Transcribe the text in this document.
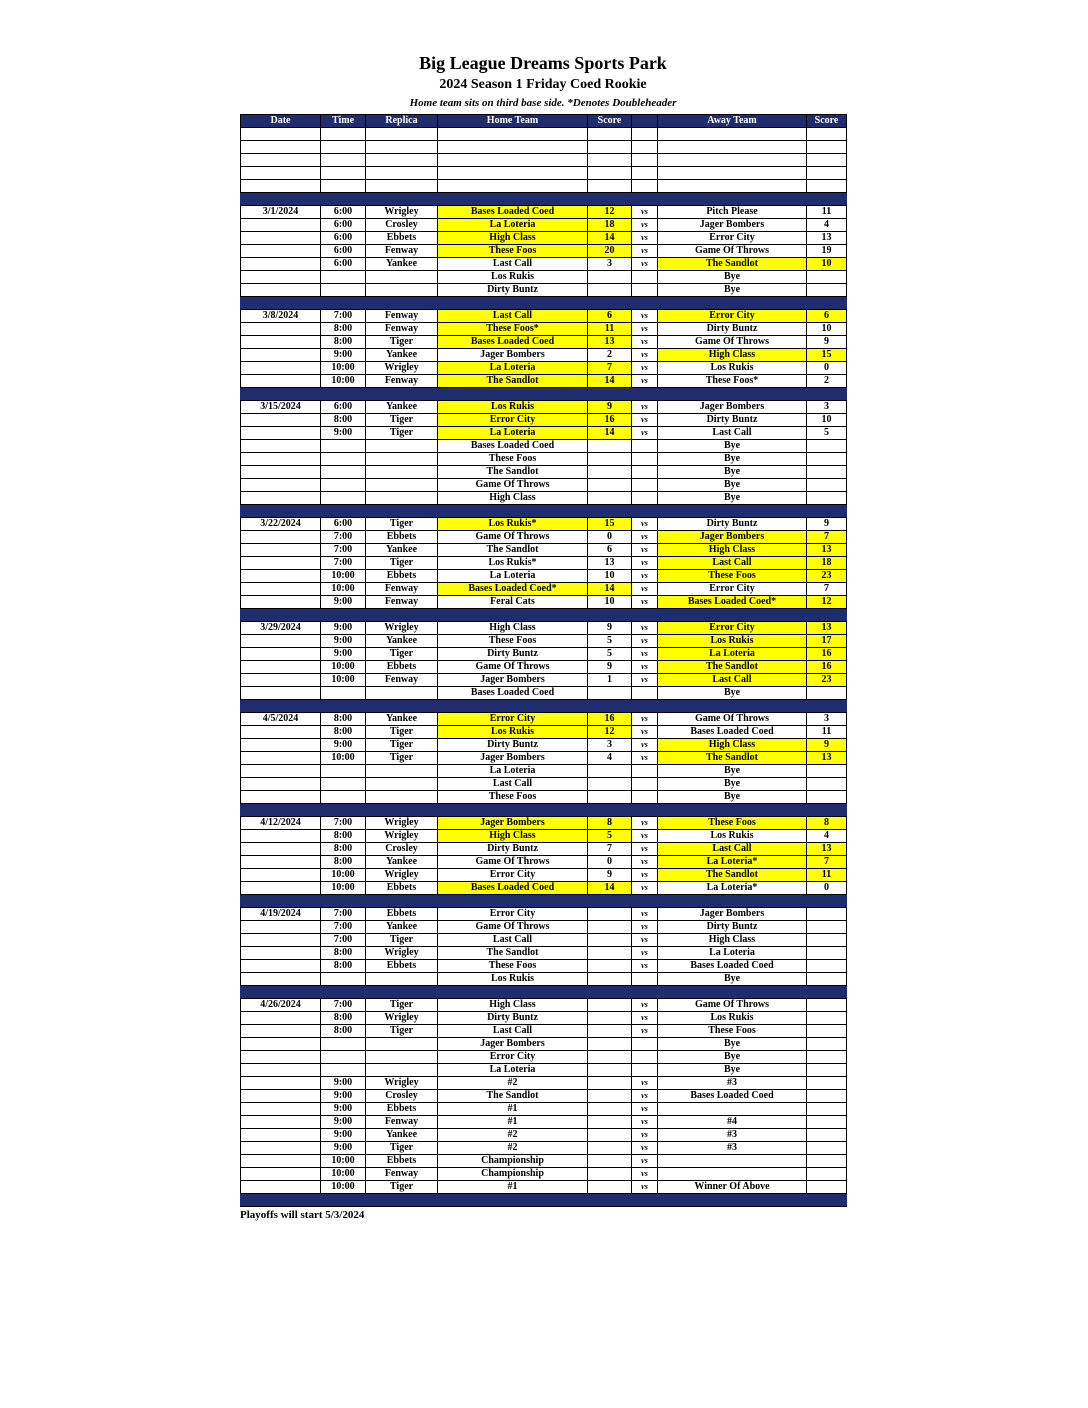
Big League Dreams Sports Park
2024 Season 1 Friday Coed Rookie
Home team sits on third base side. *Denotes Doubleheader
Date	Time	Replica	Home Team	Score		Away Team	Score

3/1/2024	6:00	Wrigley	Bases Loaded Coed	12	vs	Pitch Please	11
	6:00	Crosley	La Loteria	18	vs	Jager Bombers	4
	6:00	Ebbets	High Class	14	vs	Error City	13
	6:00	Fenway	These Foos	20	vs	Game Of Throws	19
	6:00	Yankee	Last Call	3	vs	The Sandlot	10
			Los Rukis			Bye	
			Dirty Buntz			Bye	

3/8/2024	7:00	Fenway	Last Call	6	vs	Error City	6
	8:00	Fenway	These Foos*	11	vs	Dirty Buntz	10
	8:00	Tiger	Bases Loaded Coed	13	vs	Game Of Throws	9
	9:00	Yankee	Jager Bombers	2	vs	High Class	15
	10:00	Wrigley	La Loteria	7	vs	Los Rukis	0
	10:00	Fenway	The Sandlot	14	vs	These Foos*	2

3/15/2024	6:00	Yankee	Los Rukis	9	vs	Jager Bombers	3
	8:00	Tiger	Error City	16	vs	Dirty Buntz	10
	9:00	Tiger	La Loteria	14	vs	Last Call	5
			Bases Loaded Coed			Bye	
			These Foos			Bye	
			The Sandlot			Bye	
			Game Of Throws			Bye	
			High Class			Bye	

3/22/2024	6:00	Tiger	Los Rukis*	15	vs	Dirty Buntz	9
	7:00	Ebbets	Game Of Throws	0	vs	Jager Bombers	7
	7:00	Yankee	The Sandlot	6	vs	High Class	13
	7:00	Tiger	Los Rukis*	13	vs	Last Call	18
	10:00	Ebbets	La Loteria	10	vs	These Foos	23
	10:00	Fenway	Bases Loaded Coed*	14	vs	Error City	7
	9:00	Fenway	Feral Cats	10	vs	Bases Loaded Coed*	12

3/29/2024	9:00	Wrigley	High Class	9	vs	Error City	13
	9:00	Yankee	These Foos	5	vs	Los Rukis	17
	9:00	Tiger	Dirty Buntz	5	vs	La Loteria	16
	10:00	Ebbets	Game Of Throws	9	vs	The Sandlot	16
	10:00	Fenway	Jager Bombers	1	vs	Last Call	23
			Bases Loaded Coed			Bye	

4/5/2024	8:00	Yankee	Error City	16	vs	Game Of Throws	3
	8:00	Tiger	Los Rukis	12	vs	Bases Loaded Coed	11
	9:00	Tiger	Dirty Buntz	3	vs	High Class	9
	10:00	Tiger	Jager Bombers	4	vs	The Sandlot	13
			La Loteria			Bye	
			Last Call			Bye	
			These Foos			Bye	

4/12/2024	7:00	Wrigley	Jager Bombers	8	vs	These Foos	8
	8:00	Wrigley	High Class	5	vs	Los Rukis	4
	8:00	Crosley	Dirty Buntz	7	vs	Last Call	13
	8:00	Yankee	Game Of Throws	0	vs	La Loteria*	7
	10:00	Wrigley	Error City	9	vs	The Sandlot	11
	10:00	Ebbets	Bases Loaded Coed	14	vs	La Loteria*	0

4/19/2024	7:00	Ebbets	Error City		vs	Jager Bombers	
	7:00	Yankee	Game Of Throws		vs	Dirty Buntz	
	7:00	Tiger	Last Call		vs	High Class	
	8:00	Wrigley	The Sandlot		vs	La Loteria	
	8:00	Ebbets	These Foos		vs	Bases Loaded Coed	
			Los Rukis			Bye	

4/26/2024	7:00	Tiger	High Class		vs	Game Of Throws	
	8:00	Wrigley	Dirty Buntz		vs	Los Rukis	
	8:00	Tiger	Last Call		vs	These Foos	
			Jager Bombers			Bye	
			Error City			Bye	
			La Loteria			Bye	
	9:00	Wrigley	#2		vs	#3	
	9:00	Crosley	The Sandlot		vs	Bases Loaded Coed	
	9:00	Ebbets	#1		vs		
	9:00	Fenway	#1		vs	#4	
	9:00	Yankee	#2		vs	#3	
	9:00	Tiger	#2		vs	#3	
	10:00	Ebbets	Championship		vs		
	10:00	Fenway	Championship		vs		
	10:00	Tiger	#1		vs	Winner Of Above	

Playoffs will start 5/3/2024
